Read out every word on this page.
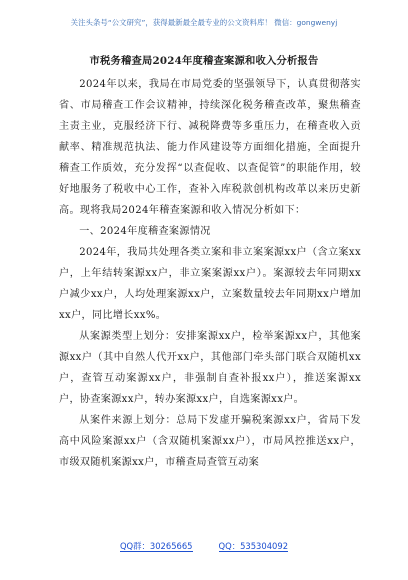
关注头条号“公文研究”，获得最新最全最专业的公文资料库！ 微信：gongwenyj
市税务稽查局2024年度稽查案源和收入分析报告

2024年以来，我局在市局党委的坚强领导下，认真贯彻落实省、市局稽查工作会议精神，持续深化税务稽查改革，聚焦稽查主责主业，克服经济下行、减税降费等多重压力，在稽查收入贡献率、精准规范执法、能力作风建设等方面细化措施，全面提升稽查工作质效，充分发挥“以查促收、以查促管”的职能作用，较好地服务了税收中心工作，查补入库税款创机构改革以来历史新高。现将我局2024年稽查案源和收入情况分析如下：

一、2024年度稽查案源情况

2024年，我局共处理各类立案和非立案案源xx户（含立案xx户，上年结转案源xx户，非立案案源xx户）。案源较去年同期xx户减少xx户，人均处理案源xx户，立案数量较去年同期xx户增加xx户，同比增长xx%。

从案源类型上划分：安排案源xx户，检举案源xx户，其他案源xx户（其中自然人代开xx户，其他部门牵头部门联合双随机xx户，查管互动案源xx户，非强制自查补报xx户），推送案源xx户，协查案源xx户，转办案源xx户，自选案源xx户。

从案件来源上划分：总局下发虚开骗税案源xx户，省局下发高中风险案源xx户（含双随机案源xx户），市局风控推送xx户，市级双随机案源xx户，市稽查局查管互动案

QQ群：30265665	QQ：535304092
